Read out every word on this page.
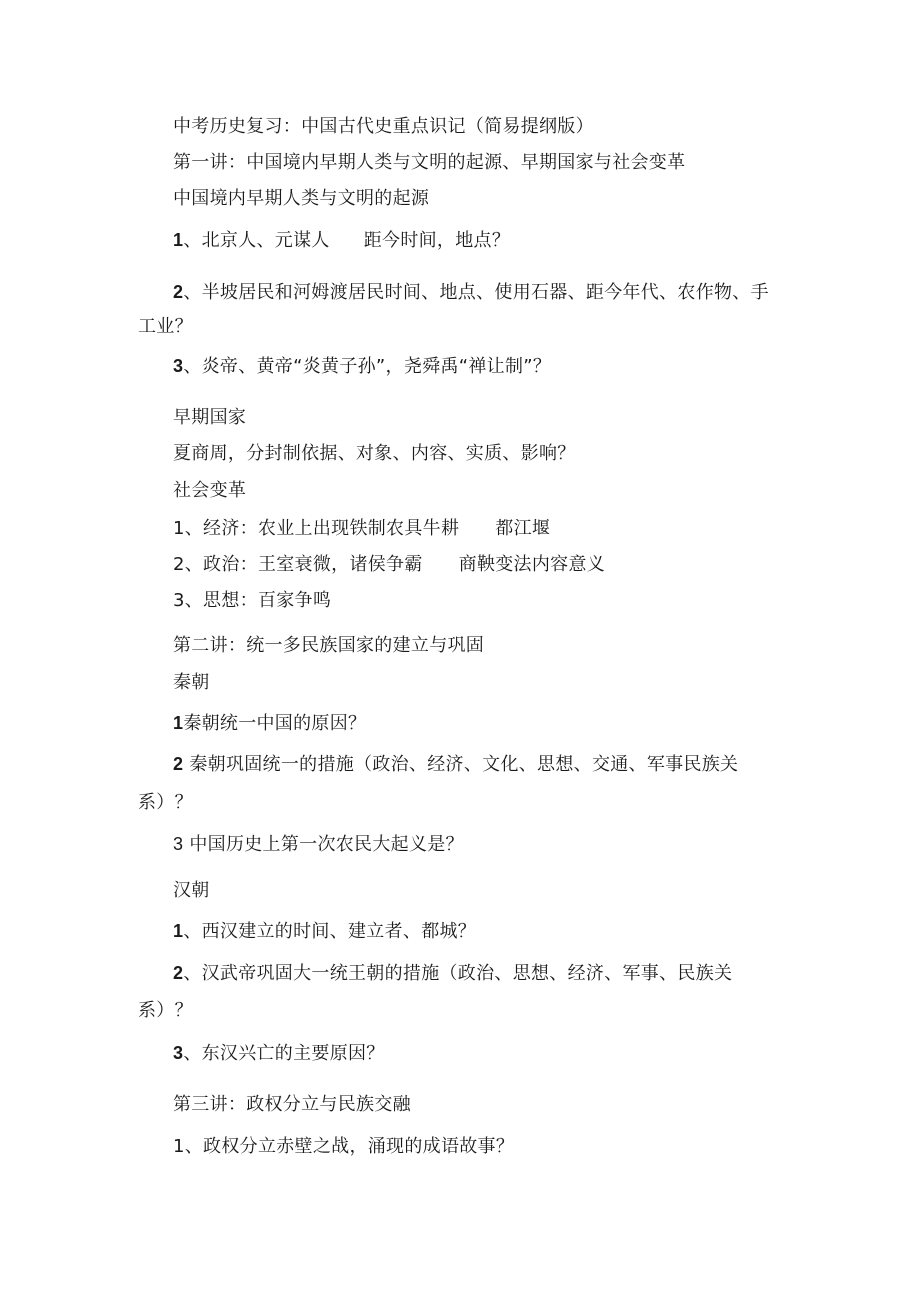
中考历史复习：中国古代史重点识记（简易提纲版）
第一讲：中国境内早期人类与文明的起源、早期国家与社会变革
中国境内早期人类与文明的起源
1、北京人、元谋人 距今时间，地点？
2、半坡居民和河姆渡居民时间、地点、使用石器、距今年代、农作物、手
工业？
3、炎帝、黄帝“炎黄子孙”，尧舜禹“禅让制”？
早期国家
夏商周，分封制依据、对象、内容、实质、影响？
社会变革
1、经济：农业上出现铁制农具牛耕 都江堰
2、政治：王室衰微，诸侯争霸 商鞅变法内容意义
3、思想：百家争鸣
第二讲：统一多民族国家的建立与巩固
秦朝
1秦朝统一中国的原因？
2 秦朝巩固统一的措施（政治、经济、文化、思想、交通、军事民族关
系）？
3 中国历史上第一次农民大起义是？
汉朝
1、西汉建立的时间、建立者、都城？
2、汉武帝巩固大一统王朝的措施（政治、思想、经济、军事、民族关
系）？
3、东汉兴亡的主要原因？
第三讲：政权分立与民族交融
1、政权分立赤壁之战，涌现的成语故事？
